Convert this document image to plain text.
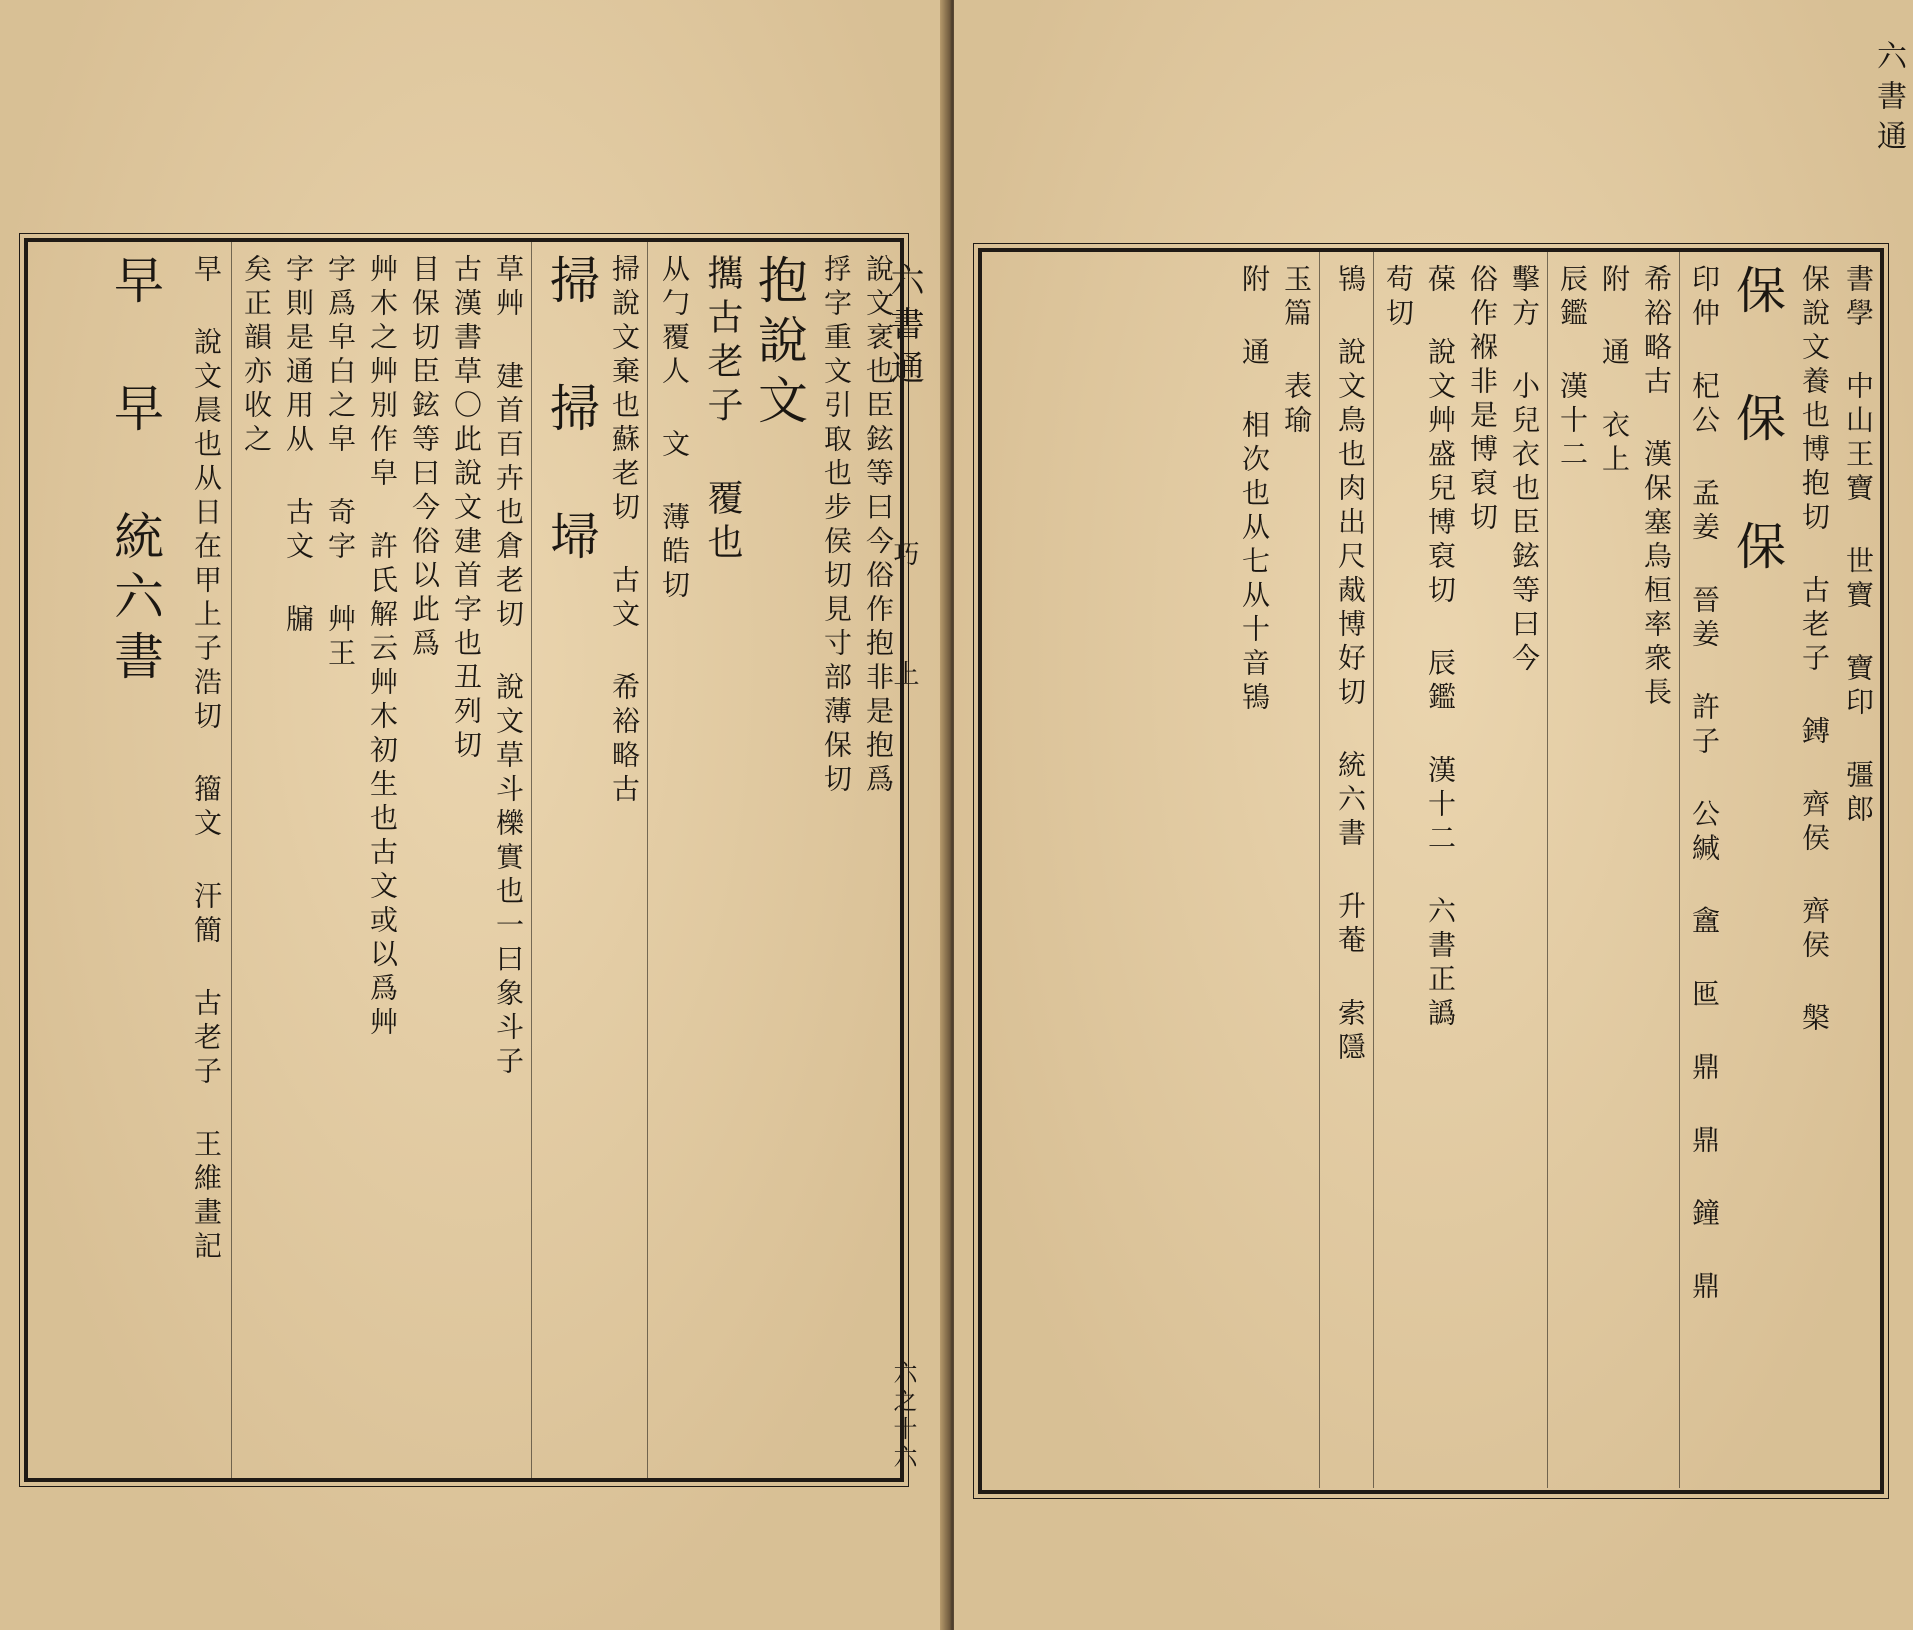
六書通
巧
上
六之十六
說文衺也臣鉉等曰今俗作抱非是抱爲
捊字重文引取也步侯切見寸部薄保切
抱說文
𢹂古老子 覆也
从勹覆人 文 薄皓切
掃說文棄也蘇老切 古文 希裕略古
掃 掃 埽
草艸 建首百卉也倉老切 說文草斗櫟實也一曰象斗子
古漢書草〇此說文建首字也丑列切
目保切臣鉉等曰今俗以此爲
艸木之艸別作皁 許氏解云艸木初生也古文或以爲艸
字爲皁白之皁 奇字 艸王
字則是通用从 古文 牖
矣正韻亦收之
早 說文晨也从日在甲上子浩切 籀文 汗簡 古老子 王維畫記
早 早 統六書
六書通
書學 中山王寶 世寶 寶印 彊郎
保說文養也博抱切 古老子 鎛 齊侯 齊侯 槃
保 保 保
印仲 杞公 孟姜 晉姜 許子 公緘 盦 匜 鼎 鼎 鐘 鼎
希裕略古 漢保塞烏桓率衆長
附 通 衣上
辰鑑 漢十二
擊方 小兒衣也臣鉉等曰今
俗作褓非是博裒切
葆 說文艸盛兒博裒切 辰鑑 漢十二 六書正譌
苟切
鴇 說文鳥也肉出尺胾博好切 統六書 升菴 索隱
玉篇 表瑜
附 通 相次也从七从十音鴇
